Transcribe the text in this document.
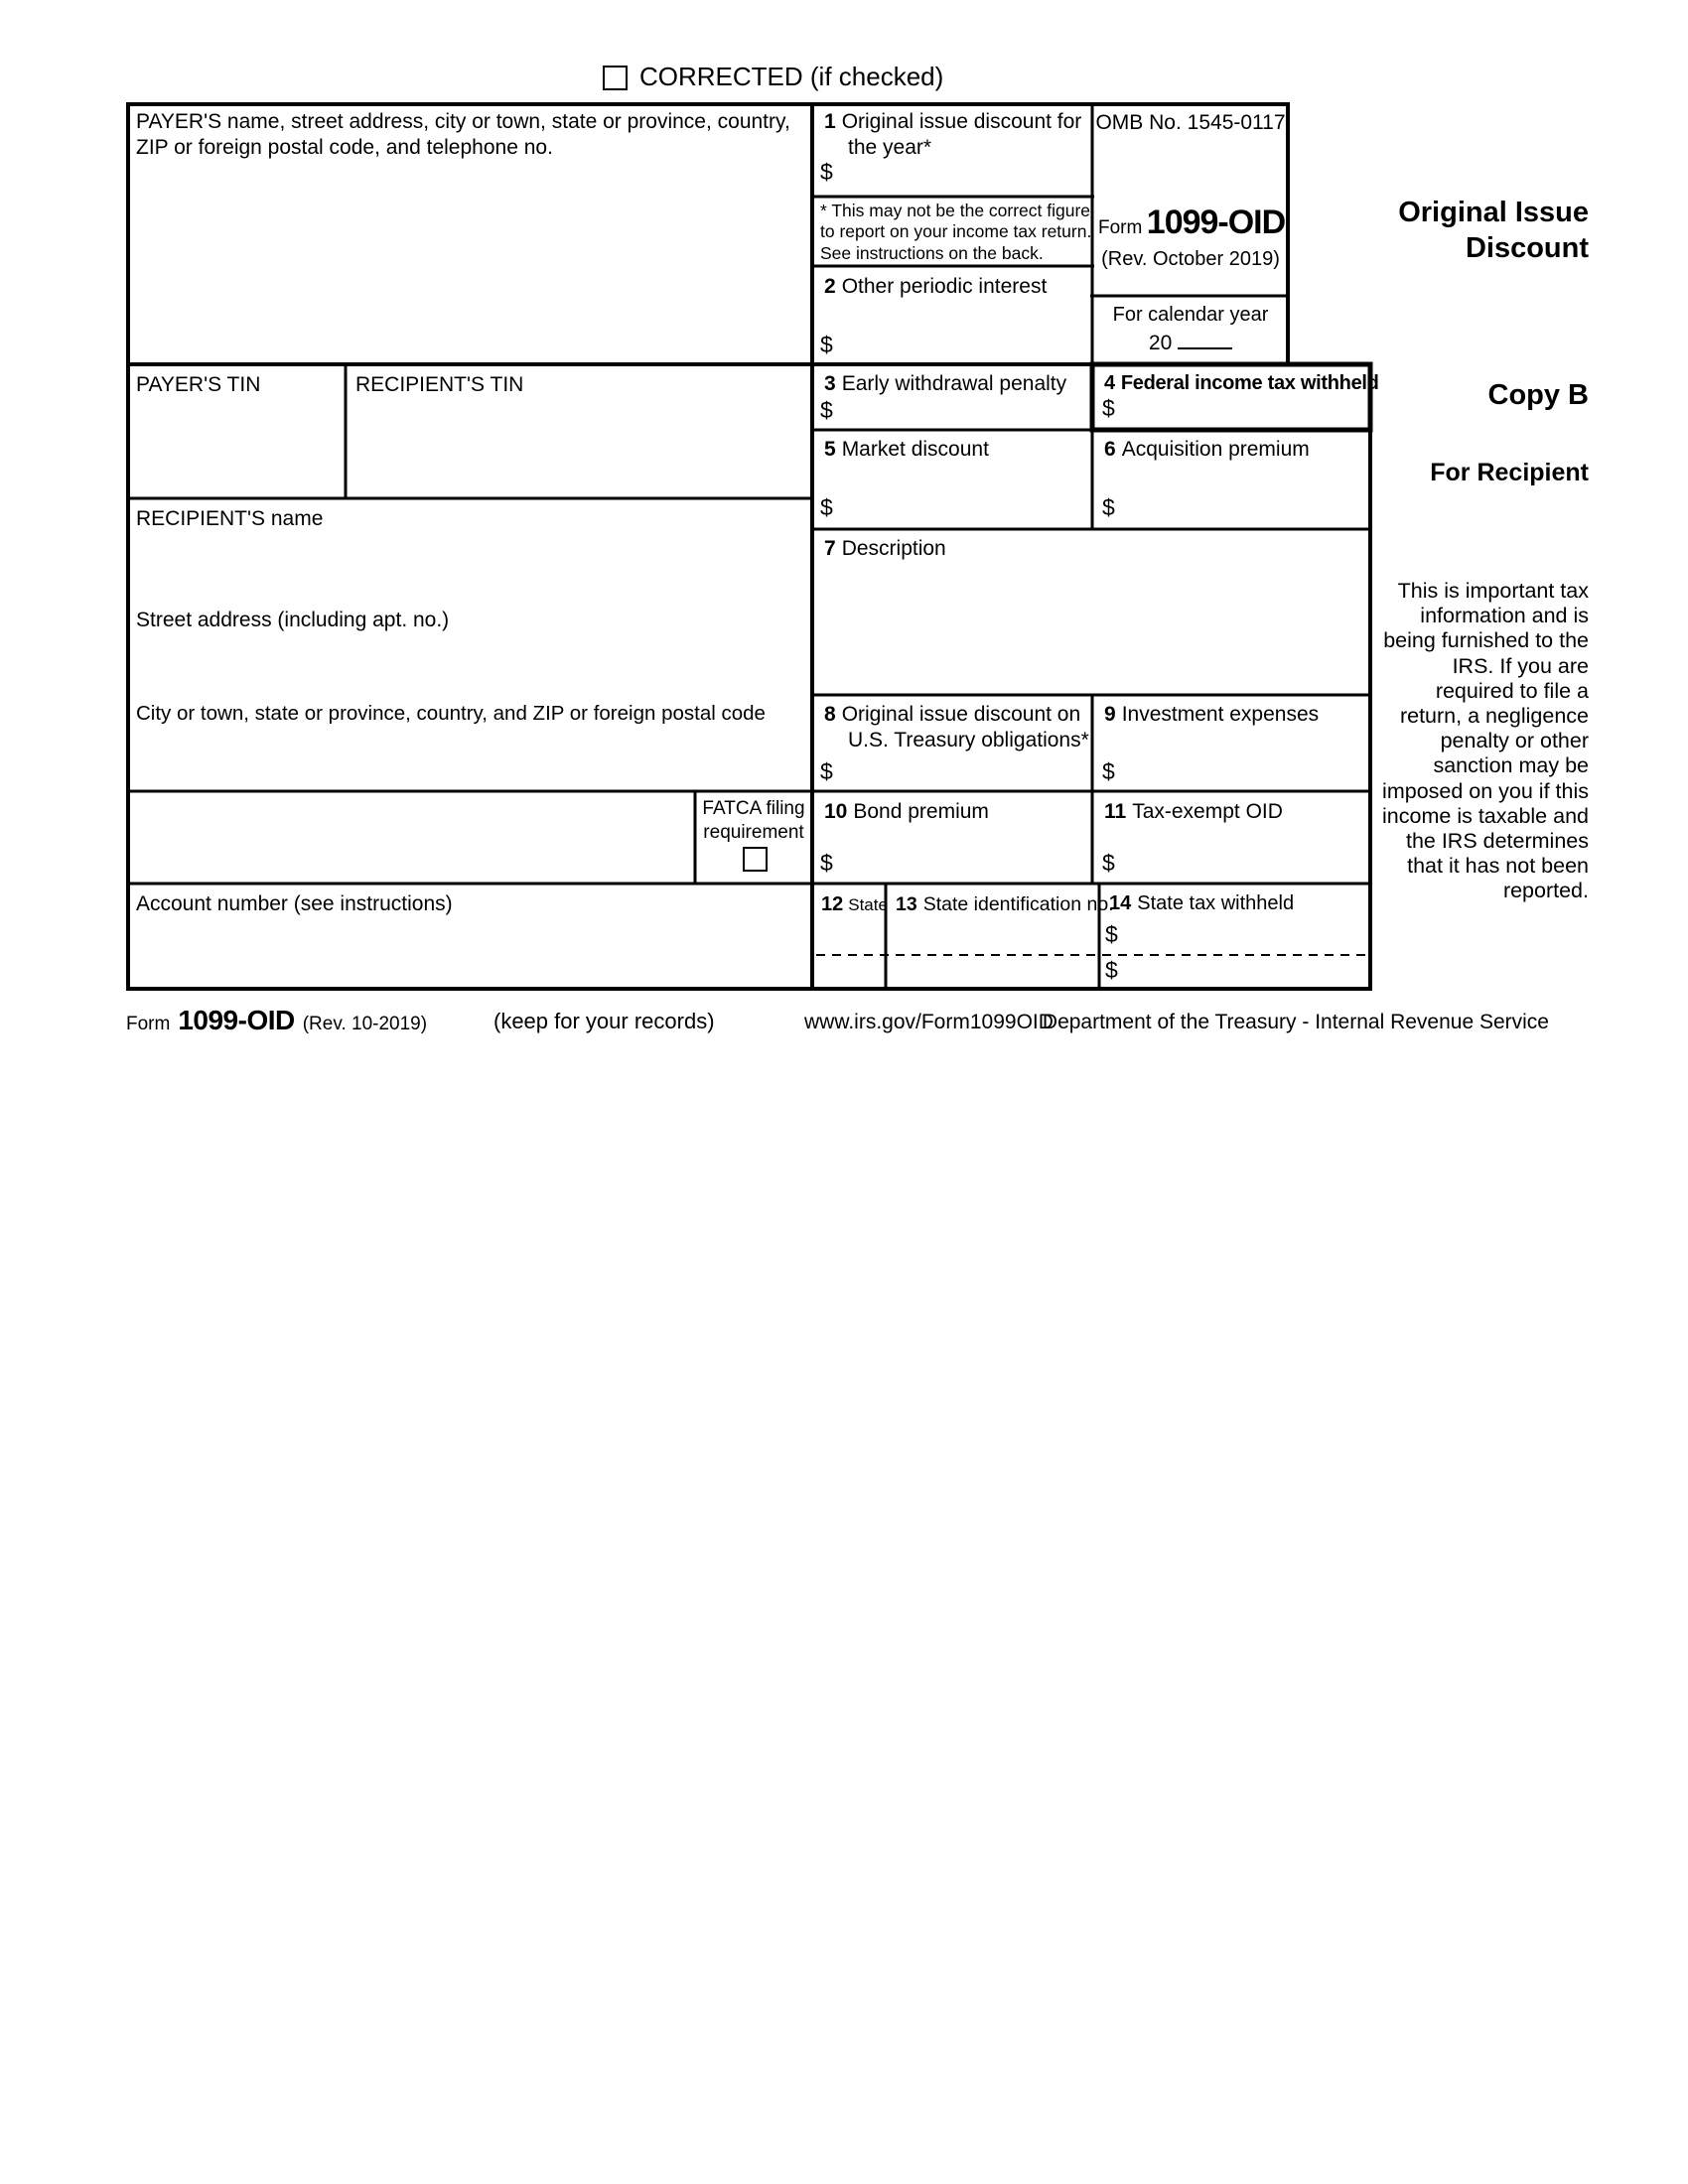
CORRECTED (if checked)
PAYER'S name, street address, city or town, state or province, country, ZIP or foreign postal code, and telephone no.
1 Original issue discount for the year*
$
OMB No. 1545-0117
Form 1099-OID
(Rev. October 2019)
* This may not be the correct figure to report on your income tax return. See instructions on the back.
For calendar year
20
2 Other periodic interest
$
Original Issue
Discount
PAYER'S TIN	RECIPIENT'S TIN	3 Early withdrawal penalty
$
4 Federal income tax withheld
$	Copy B
5 Market discount
$
6 Acquisition premium
$
For Recipient
RECIPIENT'S name
Street address (including apt. no.)
City or town, state or province, country, and ZIP or foreign postal code
7 Description
This is important tax information and is being furnished to the IRS. If you are required to file a return, a negligence penalty or other sanction may be imposed on you if this income is taxable and the IRS determines that it has not been reported.
8 Original issue discount on U.S. Treasury obligations*
$
9 Investment expenses
$
FATCA filing requirement
10 Bond premium
$
11 Tax-exempt OID
$
Account number (see instructions)	12 State 13 State identification no.
14 State tax withheld
$
$
Form 1099-OID (Rev. 10-2019)	(keep for your records)	www.irs.gov/Form1099OID
Department of the Treasury - Internal Revenue Service
